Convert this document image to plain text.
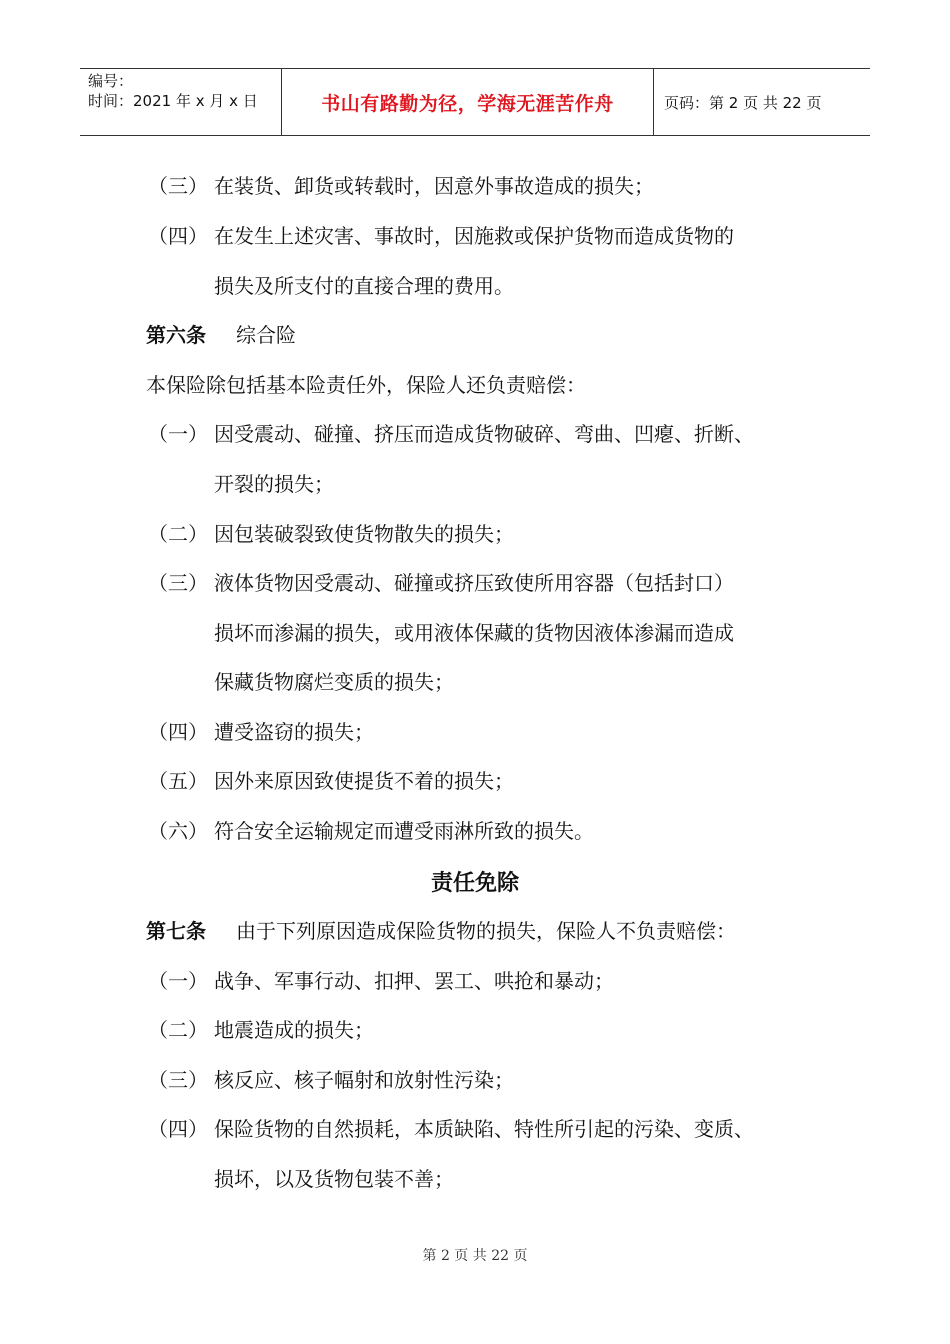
编号：
时间：2021 年 x 月 x 日	书山有路勤为径，学海无涯苦作舟	页码：第 2 页 共 22 页
（三） 在装货、卸货或转载时，因意外事故造成的损失；
（四） 在发生上述灾害、事故时，因施救或保护货物而造成货物的
损失及所支付的直接合理的费用。
第六条 综合险
本保险除包括基本险责任外，保险人还负责赔偿：
（一） 因受震动、碰撞、挤压而造成货物破碎、弯曲、凹瘪、折断、
开裂的损失；
（二） 因包装破裂致使货物散失的损失；
（三） 液体货物因受震动、碰撞或挤压致使所用容器（包括封口）
损坏而渗漏的损失，或用液体保藏的货物因液体渗漏而造成
保藏货物腐烂变质的损失；
（四） 遭受盗窃的损失；
（五） 因外来原因致使提货不着的损失；
（六） 符合安全运输规定而遭受雨淋所致的损失。
责任免除
第七条 由于下列原因造成保险货物的损失，保险人不负责赔偿：
（一） 战争、军事行动、扣押、罢工、哄抢和暴动；
（二） 地震造成的损失；
（三） 核反应、核子幅射和放射性污染；
（四） 保险货物的自然损耗，本质缺陷、特性所引起的污染、变质、
损坏，以及货物包装不善；
第 2 页 共 22 页
